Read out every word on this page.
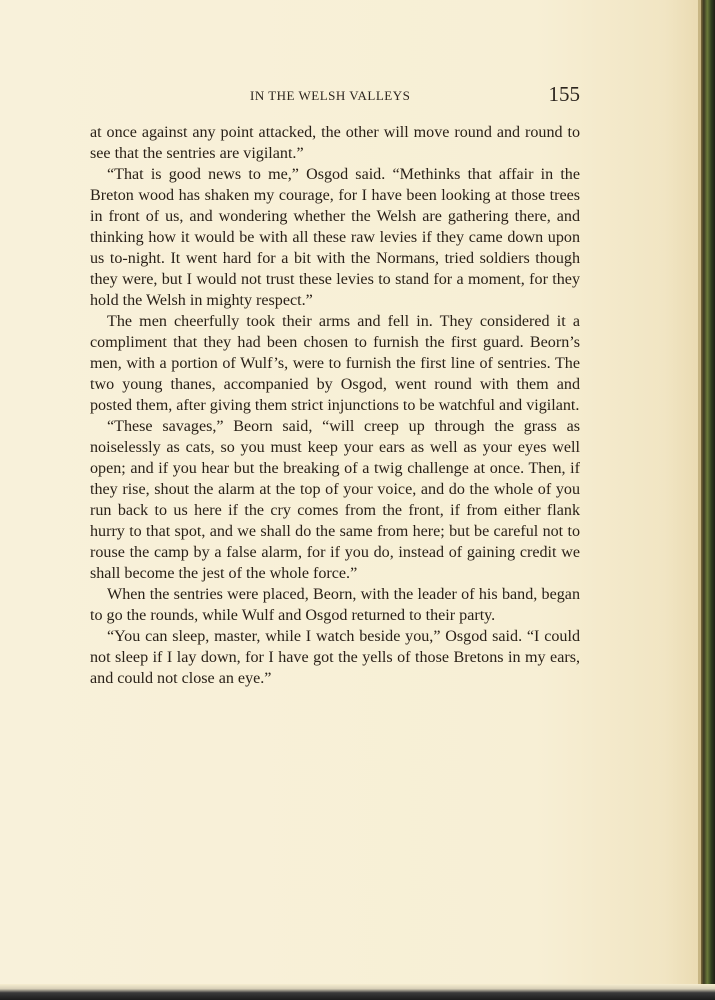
IN THE WELSH VALLEYS	155

at once against any point attacked, the other will move round and round to see that the sentries are vigilant.”

“That is good news to me,” Osgod said. “Methinks that affair in the Breton wood has shaken my courage, for I have been looking at those trees in front of us, and wondering whether the Welsh are gathering there, and thinking how it would be with all these raw levies if they came down upon us to-night. It went hard for a bit with the Normans, tried soldiers though they were, but I would not trust these levies to stand for a moment, for they hold the Welsh in mighty respect.”

The men cheerfully took their arms and fell in. They considered it a compliment that they had been chosen to furnish the first guard. Beorn’s men, with a portion of Wulf’s, were to furnish the first line of sentries. The two young thanes, accompanied by Osgod, went round with them and posted them, after giving them strict injunctions to be watchful and vigilant.

“These savages,” Beorn said, “will creep up through the grass as noiselessly as cats, so you must keep your ears as well as your eyes well open; and if you hear but the breaking of a twig challenge at once. Then, if they rise, shout the alarm at the top of your voice, and do the whole of you run back to us here if the cry comes from the front, if from either flank hurry to that spot, and we shall do the same from here; but be careful not to rouse the camp by a false alarm, for if you do, instead of gaining credit we shall become the jest of the whole force.”

When the sentries were placed, Beorn, with the leader of his band, began to go the rounds, while Wulf and Osgod returned to their party.

“You can sleep, master, while I watch beside you,” Osgod said. “I could not sleep if I lay down, for I have got the yells of those Bretons in my ears, and could not close an eye.”
